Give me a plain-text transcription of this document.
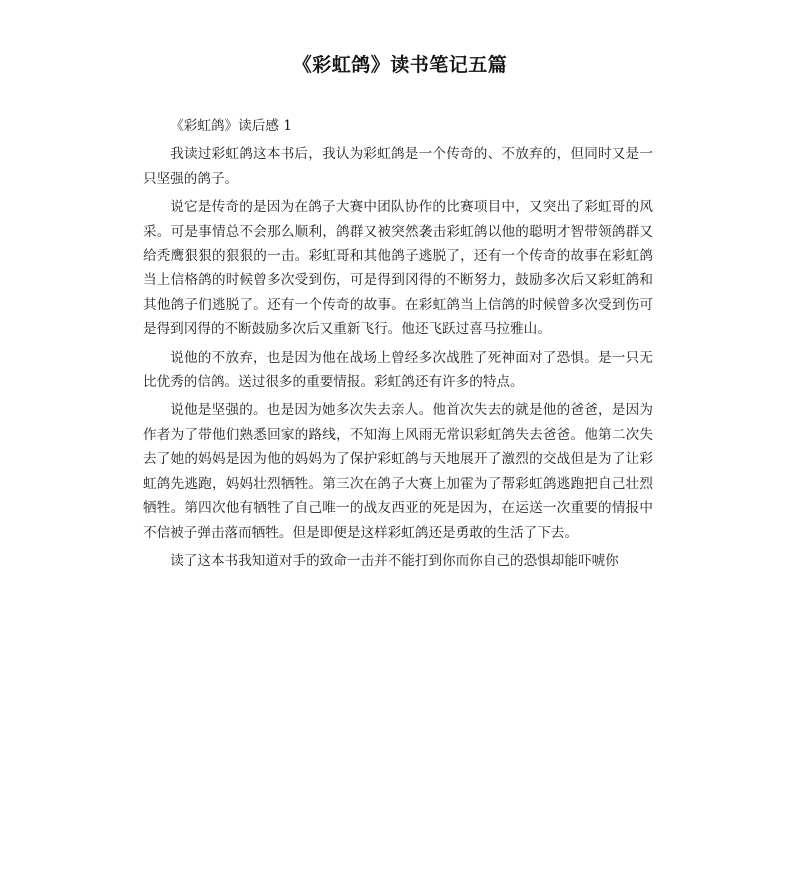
《彩虹鸽》读书笔记五篇

《彩虹鸽》读后感 1

我读过彩虹鸽这本书后，我认为彩虹鸽是一个传奇的、不放弃的，但同时又是一只坚强的鸽子。

说它是传奇的是因为在鸽子大赛中团队协作的比赛项目中，又突出了彩虹哥的风采。可是事情总不会那么顺利，鸽群又被突然袭击彩虹鸽以他的聪明才智带领鸽群又给秃鹰狠狠的狠狠的一击。彩虹哥和其他鸽子逃脱了，还有一个传奇的故事在彩虹鸽当上信格鸽的时候曾多次受到伤，可是得到冈得的不断努力，鼓励多次后又彩虹鸽和其他鸽子们逃脱了。还有一个传奇的故事。在彩虹鸽当上信鸽的时候曾多次受到伤可是得到冈得的不断鼓励多次后又重新飞行。他还飞跃过喜马拉雅山。

说他的不放弃，也是因为他在战场上曾经多次战胜了死神面对了恐惧。是一只无比优秀的信鸽。送过很多的重要情报。彩虹鸽还有许多的特点。

说他是坚强的。也是因为她多次失去亲人。他首次失去的就是他的爸爸，是因为作者为了带他们熟悉回家的路线，不知海上风雨无常识彩虹鸽失去爸爸。他第二次失去了她的妈妈是因为他的妈妈为了保护彩虹鸽与天地展开了激烈的交战但是为了让彩虹鸽先逃跑，妈妈壮烈牺牲。第三次在鸽子大赛上加霍为了帮彩虹鸽逃跑把自己壮烈牺牲。第四次他有牺牲了自己唯一的战友西亚的死是因为，在运送一次重要的情报中不信被子弹击落而牺牲。但是即便是这样彩虹鸽还是勇敢的生活了下去。

读了这本书我知道对手的致命一击并不能打到你而你自己的恐惧却能吓唬你
